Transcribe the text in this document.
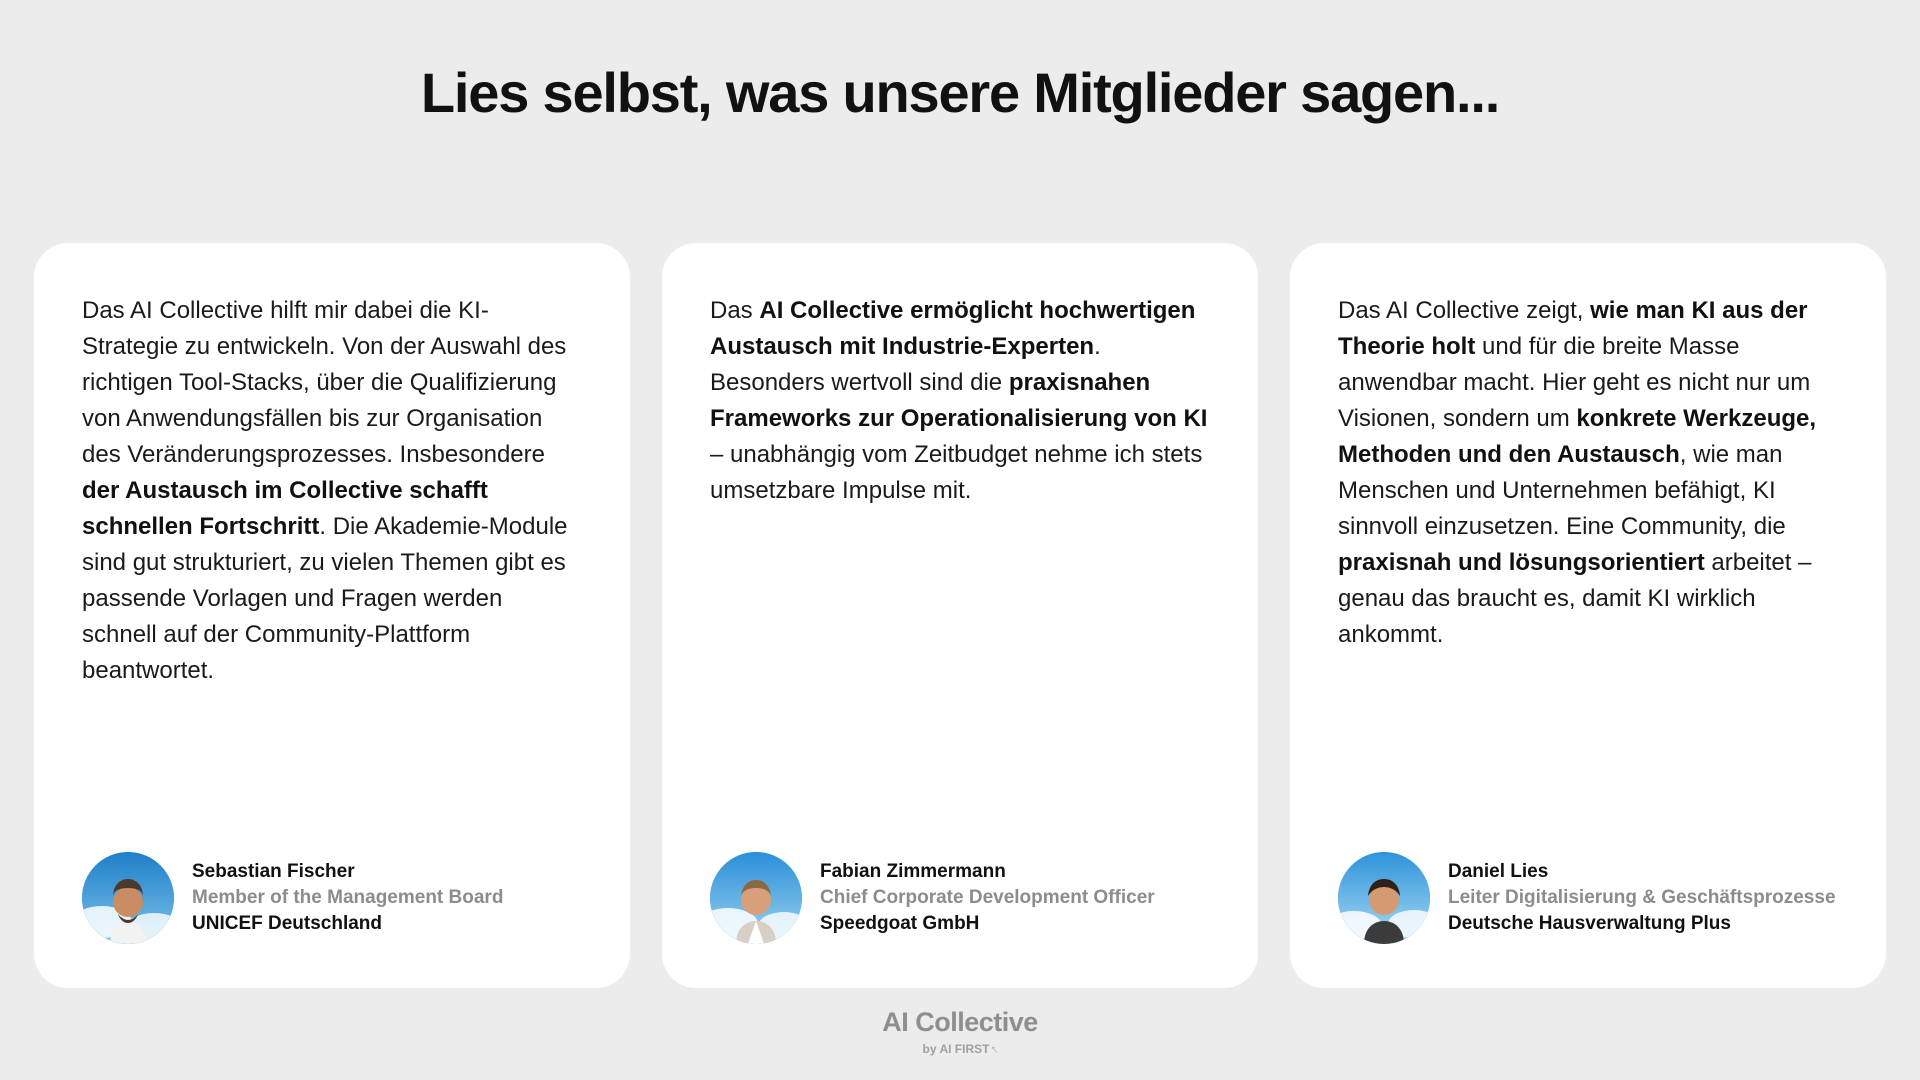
Lies selbst, was unsere Mitglieder sagen...
Das AI Collective hilft mir dabei die KI-Strategie zu entwickeln. Von der Auswahl des richtigen Tool-Stacks, über die Qualifizierung von Anwendungsfällen bis zur Organisation des Veränderungsprozesses. Insbesondere der Austausch im Collective schafft schnellen Fortschritt. Die Akademie-Module sind gut strukturiert, zu vielen Themen gibt es passende Vorlagen und Fragen werden schnell auf der Community-Plattform beantwortet.
Sebastian Fischer
Member of the Management Board
UNICEF Deutschland
Das AI Collective ermöglicht hochwertigen Austausch mit Industrie-Experten. Besonders wertvoll sind die praxisnahen Frameworks zur Operationalisierung von KI – unabhängig vom Zeitbudget nehme ich stets umsetzbare Impulse mit.
Fabian Zimmermann
Chief Corporate Development Officer
Speedgoat GmbH
Das AI Collective zeigt, wie man KI aus der Theorie holt und für die breite Masse anwendbar macht. Hier geht es nicht nur um Visionen, sondern um konkrete Werkzeuge, Methoden und den Austausch, wie man Menschen und Unternehmen befähigt, KI sinnvoll einzusetzen. Eine Community, die praxisnah und lösungsorientiert arbeitet – genau das braucht es, damit KI wirklich ankommt.
Daniel Lies
Leiter Digitalisierung & Geschäftsprozesse
Deutsche Hausverwaltung Plus
AI Collective
by AI FIRST↑
